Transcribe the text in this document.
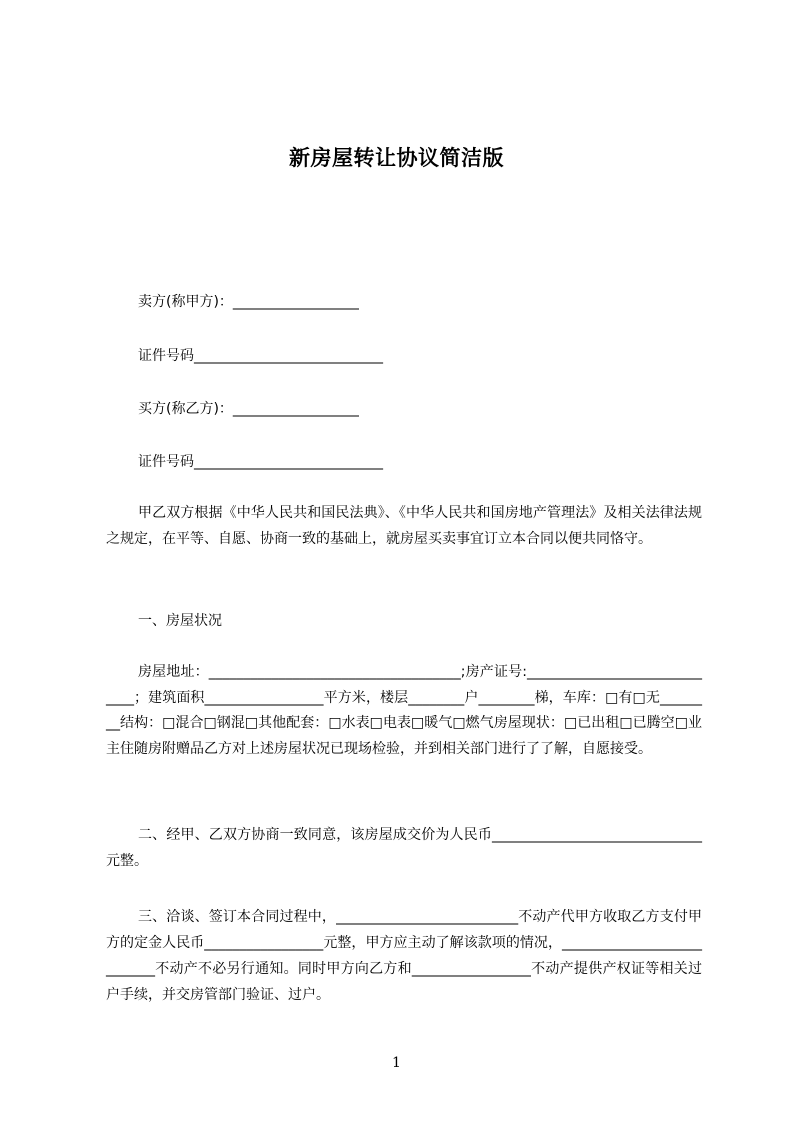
新房屋转让协议简洁版
卖方(称甲方)：__________________
证件号码___________________________
买方(称乙方)：__________________
证件号码___________________________
甲乙双方根据《中华人民共和国民法典》、《中华人民共和国房地产管理法》及相关法律法规之规定，在平等、自愿、协商一致的基础上，就房屋买卖事宜订立本合同以便共同恪守。
一、房屋状况
房屋地址：____________________________________;房产证号:_____________________________；建筑面积_________________平方米，楼层________户________梯，车库：□有□无________结构：□混合□钢混□其他配套：□水表□电表□暖气□燃气房屋现状：□已出租□已腾空□业主住随房附赠品乙方对上述房屋状况已现场检验，并到相关部门进行了了解，自愿接受。
二、经甲、乙双方协商一致同意，该房屋成交价为人民币______________________________元整。
三、洽谈、签订本合同过程中，__________________________不动产代甲方收取乙方支付甲方的定金人民币_________________元整，甲方应主动了解该款项的情况，___________________________不动产不必另行通知。同时甲方向乙方和_________________不动产提供产权证等相关过户手续，并交房管部门验证、过户。
1
